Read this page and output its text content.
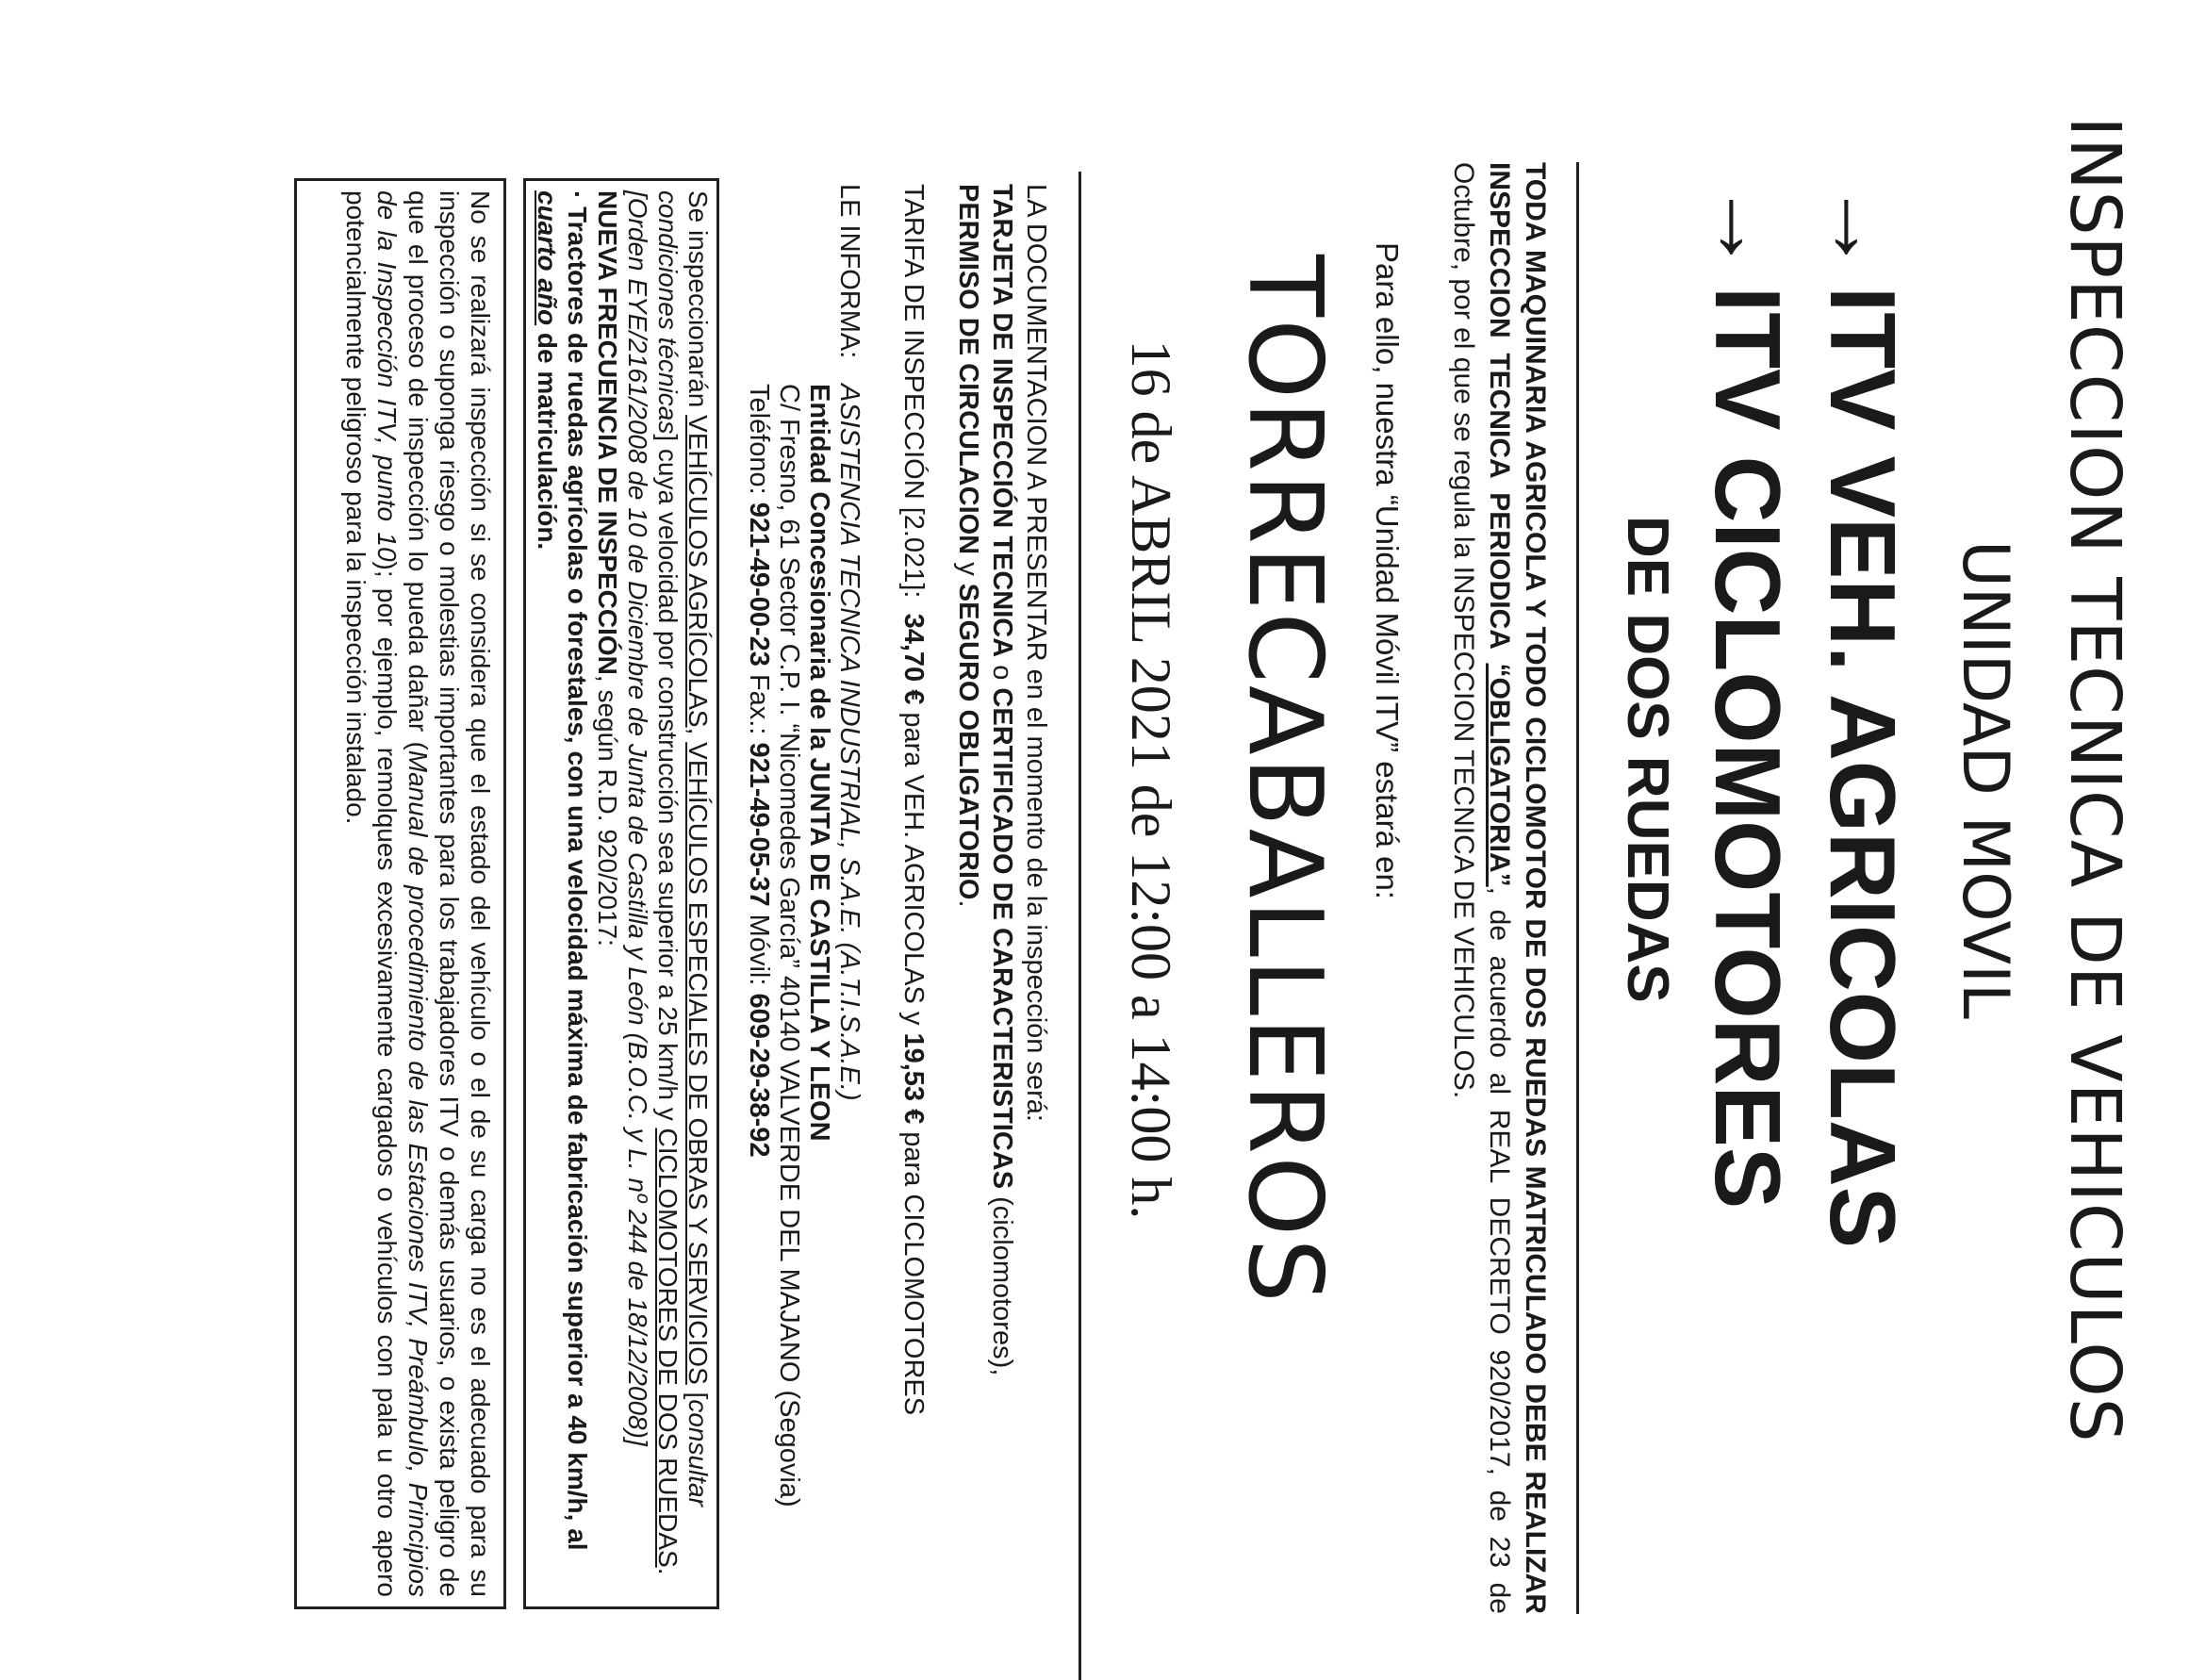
INSPECCION TECNICA DE VEHICULOS
UNIDAD MOVIL
→ITV VEH. AGRICOLAS
→ITV CICLOMOTORES
DE DOS RUEDAS
TODA MAQUINARIA AGRICOLA Y TODO CICLOMOTOR DE DOS RUEDAS MATRICULADO DEBE REALIZAR INSPECCION TECNICA PERIODICA “OBLIGATORIA”, de acuerdo al REAL DECRETO 920/2017, de 23 de Octubre, por el que se regula la INSPECCION TECNICA DE VEHICULOS.
Para ello, nuestra “Unidad Móvil ITV” estará en:
TORRECABALLEROS
16 de ABRIL 2021 de 12:00 a 14:00 h.
LA DOCUMENTACION A PRESENTAR en el momento de la inspección será:
TARJETA DE INSPECCIÓN TECNICA o CERTIFICADO DE CARACTERISTICAS (ciclomotores),
PERMISO DE CIRCULACION y SEGURO OBLIGATORIO.
TARIFA DE INSPECCIÓN [2.021]:  34,70 € para VEH. AGRICOLAS y 19,53 € para CICLOMOTORES
LE INFORMA:
ASISTENCIA TECNICA INDUSTRIAL, S.A.E. (A.T.I.S.A.E.)
Entidad Concesionaria de la JUNTA DE CASTILLA Y LEON
C/ Fresno, 61 Sector C.P. I. “Nicomedes García” 40140 VALVERDE DEL MAJANO (Segovia)
Teléfono: 921-49-00-23 Fax.: 921-49-05-37 Móvil: 609-29-38-92
Se inspeccionarán VEHÍCULOS AGRÍCOLAS, VEHÍCULOS ESPECIALES DE OBRAS Y SERVICIOS [consultar condiciones técnicas] cuya velocidad por construcción sea superior a 25 km/h y CICLOMOTORES DE DOS RUEDAS.
[Orden EYE/2161/2008 de 10 de Diciembre de Junta de Castilla y León (B.O.C. y L. nº 244 de 18/12/2008)]
NUEVA FRECUENCIA DE INSPECCIÓN, según R.D. 920/2017:
· Tractores de ruedas agrícolas o forestales, con una velocidad máxima de fabricación superior a 40 km/h, al cuarto año de matriculación.
No se realizará inspección si se considera que el estado del vehículo o el de su carga no es el adecuado para su inspección o suponga riesgo o molestias importantes para los trabajadores ITV o demás usuarios, o exista peligro de que el proceso de inspección lo pueda dañar (Manual de procedimiento de las Estaciones ITV, Preámbulo, Principios de la Inspección ITV, punto 10); por ejemplo, remolques excesivamente cargados o vehículos con pala u otro apero potencialmente peligroso para la inspección instalado.
